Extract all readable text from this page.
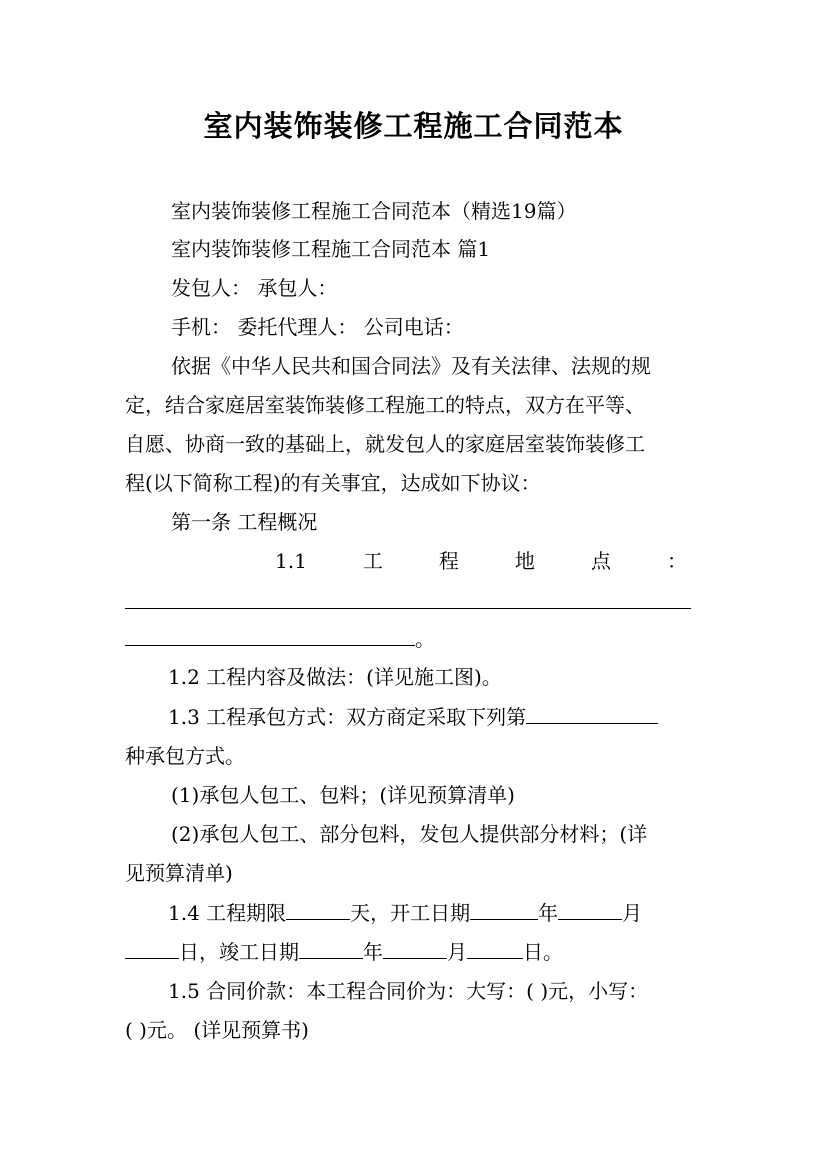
室内装饰装修工程施工合同范本

室内装饰装修工程施工合同范本（精选19篇）

室内装饰装修工程施工合同范本 篇1

发包人： 承包人：

手机： 委托代理人： 公司电话：

依据《中华人民共和国合同法》及有关法律、法规的规

定，结合家庭居室装饰装修工程施工的特点，双方在平等、

自愿、协商一致的基础上，就发包人的家庭居室装饰装修工

程(以下简称工程)的有关事宜，达成如下协议：

第一条 工程概况

1.1	工	程	地	点	：
。

1.2 工程内容及做法：(详见施工图)。

1.3 工程承包方式：双方商定采取下列第

种承包方式。

(1)承包人包工、包料；(详见预算清单)

(2)承包人包工、部分包料，发包人提供部分材料；(详

见预算清单)

1.4 工程期限	天，开工日期	年	月
日，竣工日期	年	月	日。

1.5 合同价款：本工程合同价为：大写：( )元，小写：

( )元。 (详见预算书)
